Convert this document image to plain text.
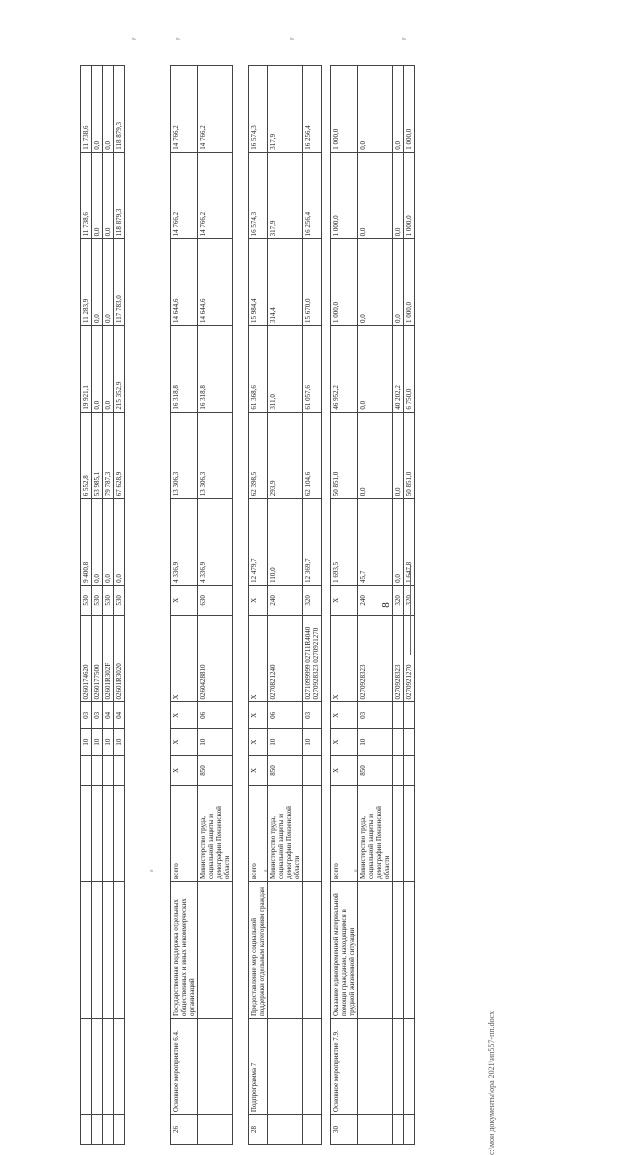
					10	03	0260174620	530	9 400,8	6 552,8	19 921,1	11 283,9	11 738,6	11 738,6
					10	03	0260177500	530	0,0	53 985,1	0,0	0,0	0,0	0,0
					10	04	02601R302F	530	0,0	79 787,3	0,0	0,0	0,0	0,0
					10	04	02601R3020	530	0,0	67 628,9	215 352,9	117 783,0	118 879,3	118 879,3
26	Основное мероприятие 6.4.	Государственная поддержка отдельных общественных и иных некоммерческих организаций	всего	Х	Х	Х	Х	Х	4 336,9	13 306,3	16 318,8	14 644,6	14 766,2	14 766,2
			Министерство труда, социальной защиты и демографии Пензенской области	850	10	06	0260428810	630	4 336,9	13 306,3	16 318,8	14 644,6	14 766,2	14 766,2
28	Подпрограмма 7	Предоставление мер социальной поддержки отдельным категориям граждан	всего	Х	Х	Х	Х	Х	12 479,7	62 398,5	61 368,6	15 984,4	16 574,3	16 574,3
			Министерство труда, социальной защиты и демографии Пензенской области	850	10	06	0270821240	240	110,0	293,9	311,0	314,4	317,9	317,9
					10	03	0271099999 02711R4040 0270928323 0270921270	320	12 369,7	62 104,6	61 057,6	15 670,0	16 256,4	16 256,4
30	Основное мероприятие 7.9.	Оказание единовременной материальной помощи гражданам, находящимся в трудной жизненной ситуации	всего	Х	Х	Х	Х	Х	1 693,5	50 851,0	46 952,2	1 000,0	1 000,0	1 000,0
			Министерство труда, социальной защиты и демографии Пензенской области	850	10	03	0270928323	240	45,7	0,0	0,0	0,0	0,0	0,0
							0270928323	320	0,0	0,0	40 202,2	0,0	0,0	0,0
							0270921270	320	1 647,8	50 851,0	6 750,0	1 000,0	1 000,0	1 000,0
8
c:\мои документы\ора 2021\ип557-пп.docx
«	«	«
».	».	».	».
